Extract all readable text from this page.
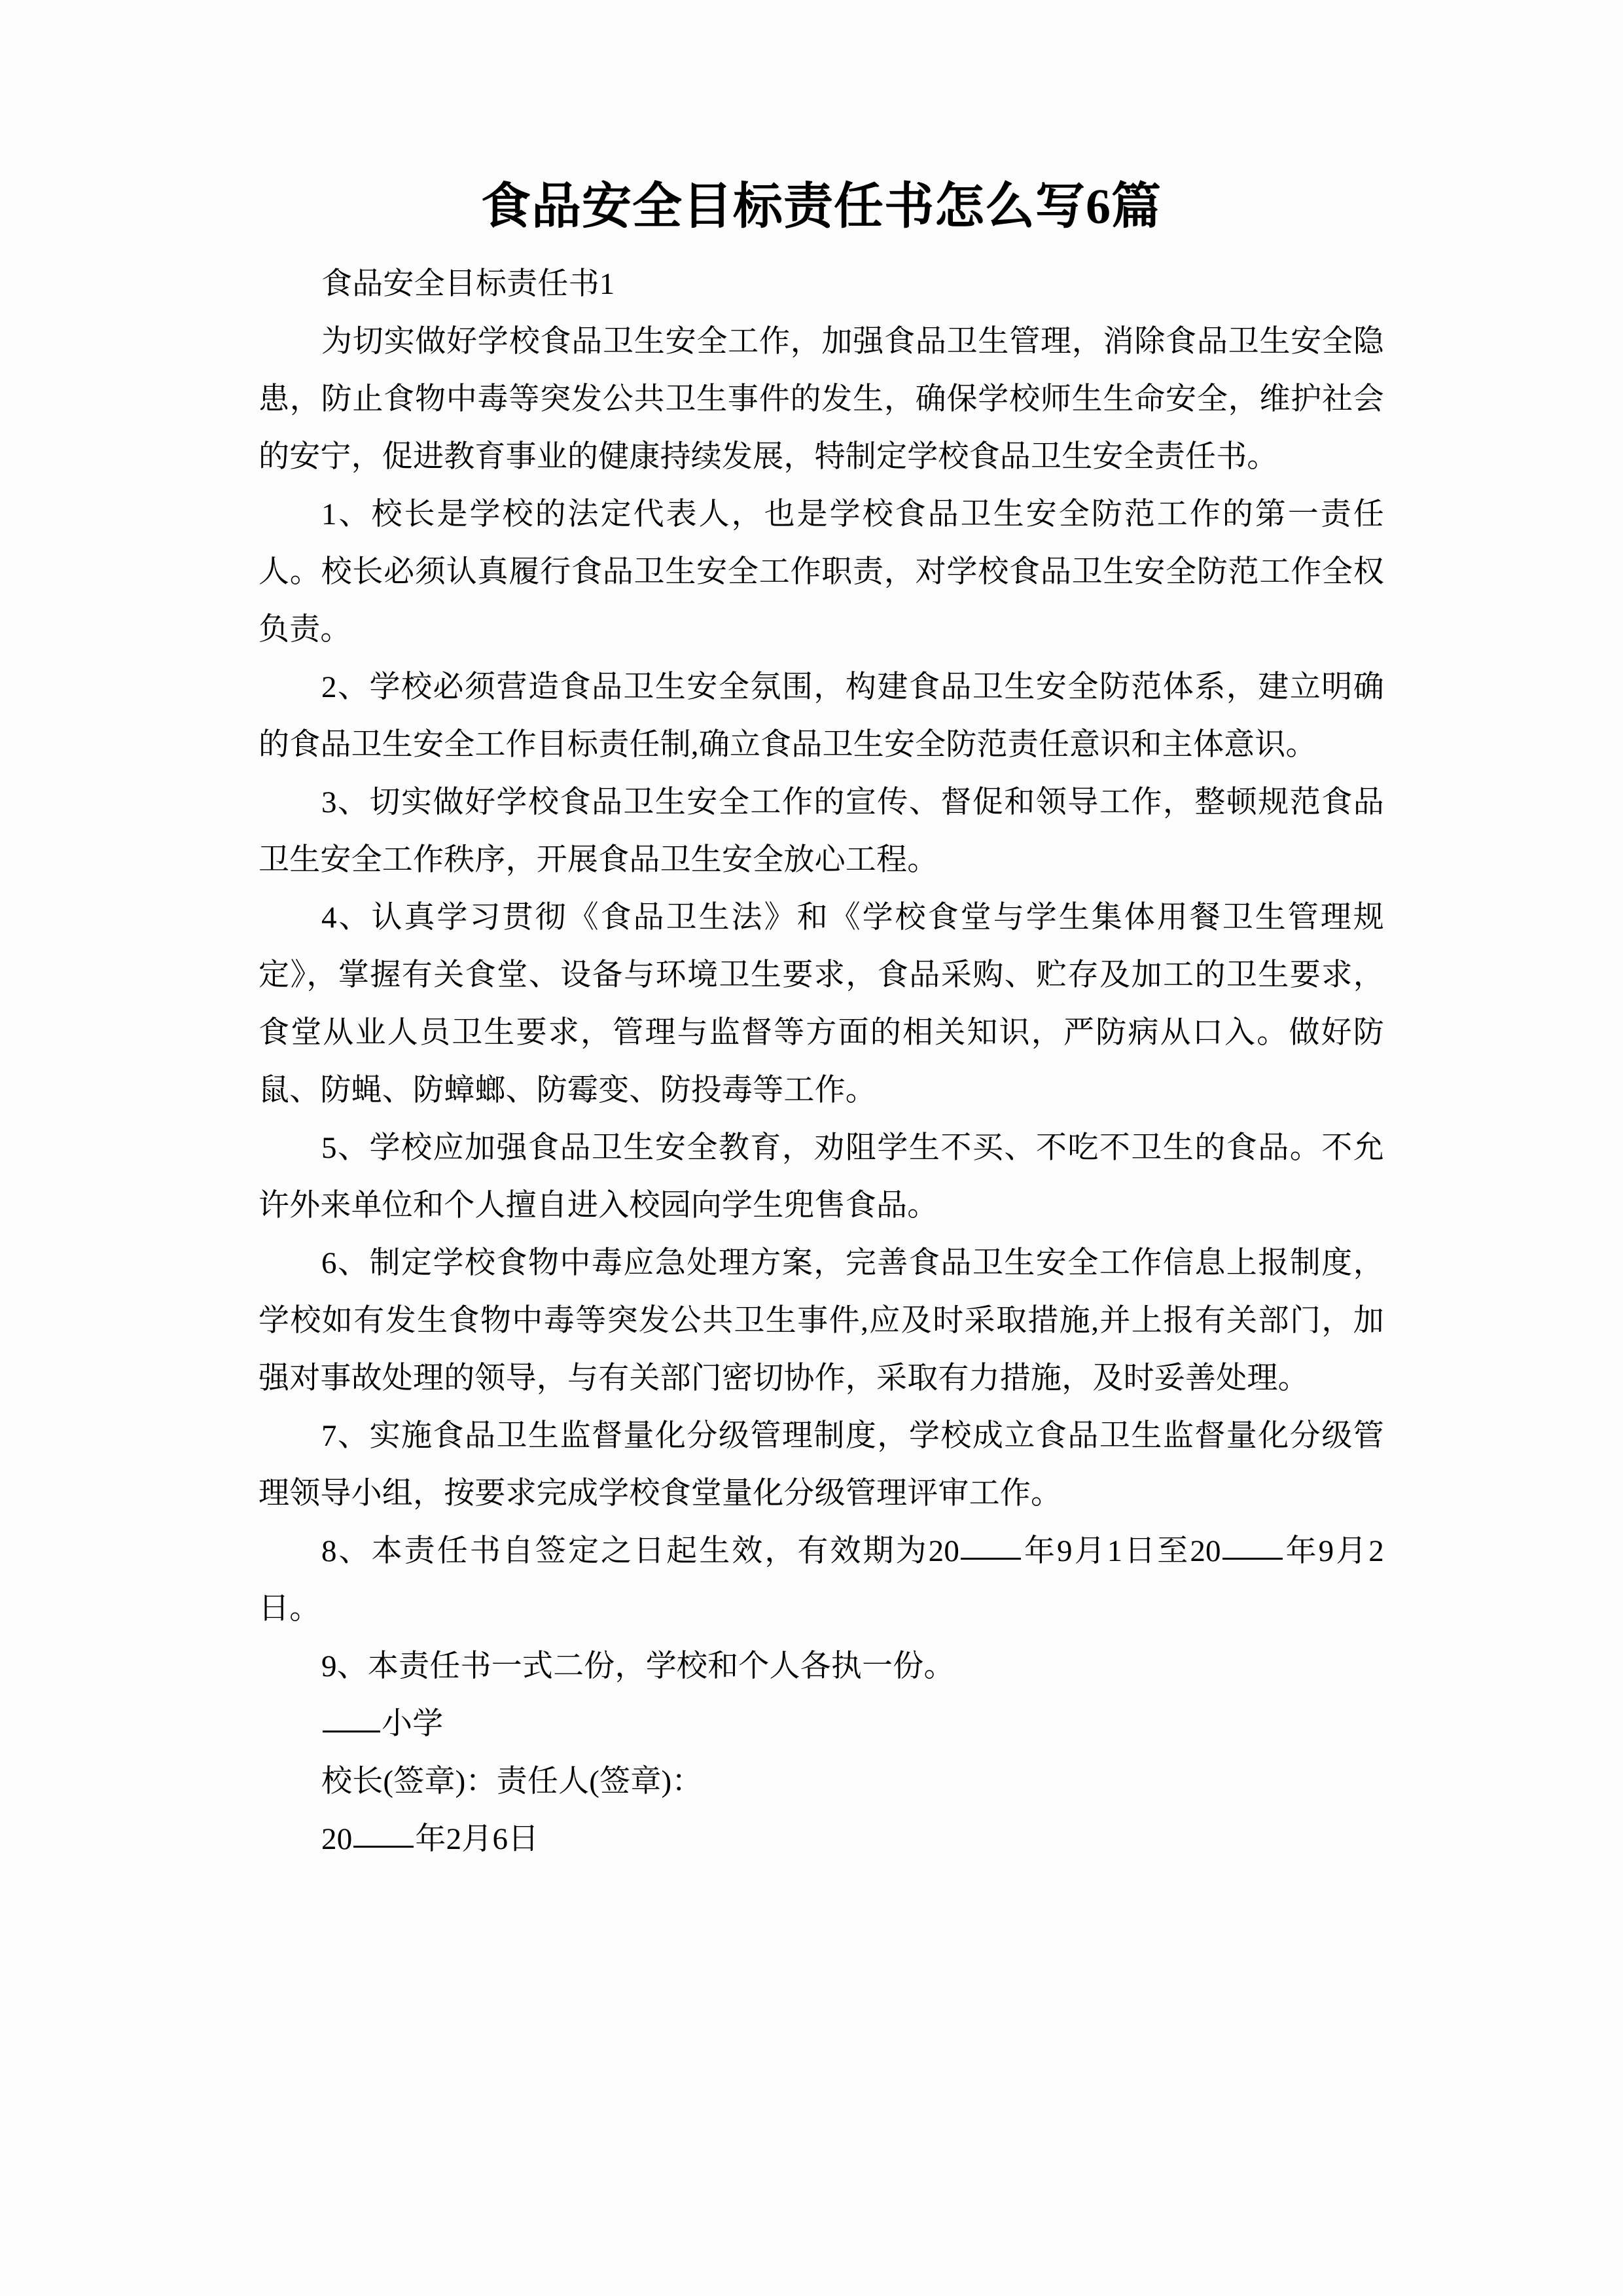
食品安全目标责任书怎么写6篇

食品安全目标责任书1

为切实做好学校食品卫生安全工作，加强食品卫生管理，消除食品卫生安全隐患，防止食物中毒等突发公共卫生事件的发生，确保学校师生生命安全，维护社会的安宁，促进教育事业的健康持续发展，特制定学校食品卫生安全责任书。

1、校长是学校的法定代表人，也是学校食品卫生安全防范工作的第一责任人。校长必须认真履行食品卫生安全工作职责，对学校食品卫生安全防范工作全权负责。

2、学校必须营造食品卫生安全氛围，构建食品卫生安全防范体系，建立明确的食品卫生安全工作目标责任制,确立食品卫生安全防范责任意识和主体意识。

3、切实做好学校食品卫生安全工作的宣传、督促和领导工作，整顿规范食品卫生安全工作秩序，开展食品卫生安全放心工程。

4、认真学习贯彻《食品卫生法》和《学校食堂与学生集体用餐卫生管理规定》，掌握有关食堂、设备与环境卫生要求，食品采购、贮存及加工的卫生要求，食堂从业人员卫生要求，管理与监督等方面的相关知识，严防病从口入。做好防鼠、防蝇、防蟑螂、防霉变、防投毒等工作。

5、学校应加强食品卫生安全教育，劝阻学生不买、不吃不卫生的食品。不允许外来单位和个人擅自进入校园向学生兜售食品。

6、制定学校食物中毒应急处理方案，完善食品卫生安全工作信息上报制度，学校如有发生食物中毒等突发公共卫生事件,应及时采取措施,并上报有关部门，加强对事故处理的领导，与有关部门密切协作，采取有力措施，及时妥善处理。

7、实施食品卫生监督量化分级管理制度，学校成立食品卫生监督量化分级管理领导小组，按要求完成学校食堂量化分级管理评审工作。

8、本责任书自签定之日起生效，有效期为20 年9月1日至20 年9月2日。

9、本责任书一式二份，学校和个人各执一份。

小学

校长(签章)：责任人(签章)：

20 年2月6日
